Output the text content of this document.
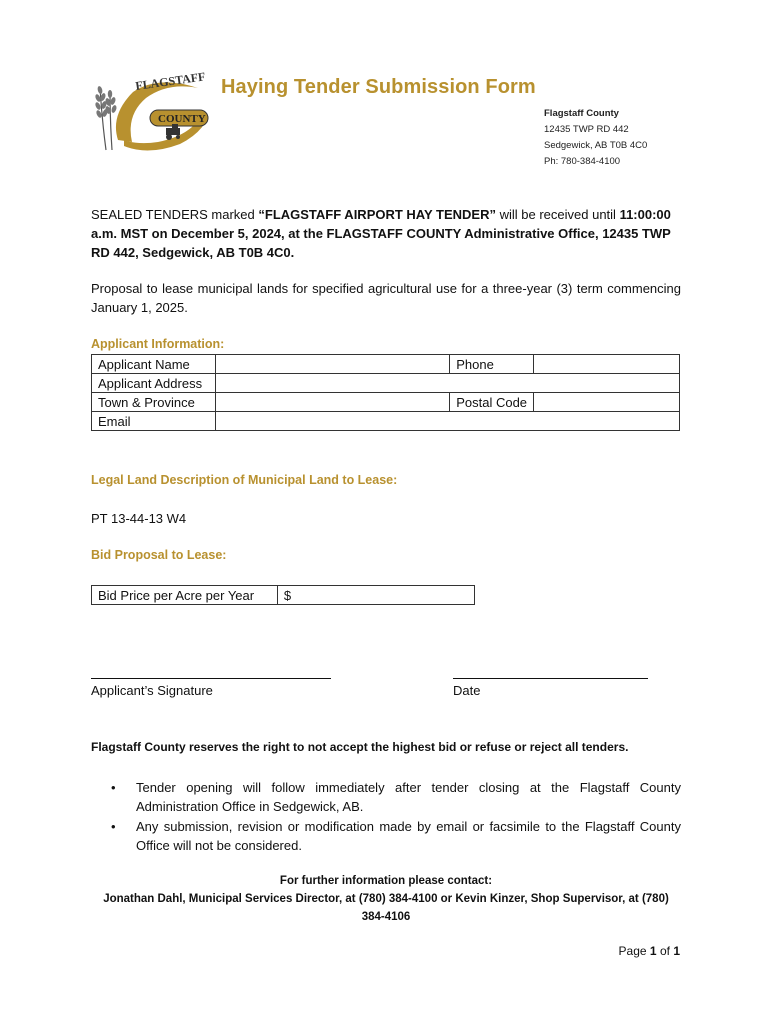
FLAGSTAFF
COUNTY
Haying Tender Submission Form
Flagstaff County
12435 TWP RD 442
Sedgewick, AB T0B 4C0
Ph: 780-384-4100
SEALED TENDERS marked “FLAGSTAFF AIRPORT HAY TENDER” will be received until 11:00:00 a.m. MST on December 5, 2024, at the FLAGSTAFF COUNTY Administrative Office, 12435 TWP RD 442, Sedgewick, AB T0B 4C0.
Proposal to lease municipal lands for specified agricultural use for a three-year (3) term commencing January 1, 2025.
Applicant Information:
Applicant Name		Phone	
Applicant Address			
Town & Province		Postal Code	
Email			
Legal Land Description of Municipal Land to Lease:
PT 13-44-13 W4
Bid Proposal to Lease:
Bid Price per Acre per Year	$
Applicant’s Signature	Date
Flagstaff County reserves the right to not accept the highest bid or refuse or reject all tenders.
• Tender opening will follow immediately after tender closing at the Flagstaff County Administration Office in Sedgewick, AB.
• Any submission, revision or modification made by email or facsimile to the Flagstaff County Office will not be considered.
For further information please contact:
Jonathan Dahl, Municipal Services Director, at (780) 384-4100 or Kevin Kinzer, Shop Supervisor, at (780) 384-4106
Page 1 of 1
